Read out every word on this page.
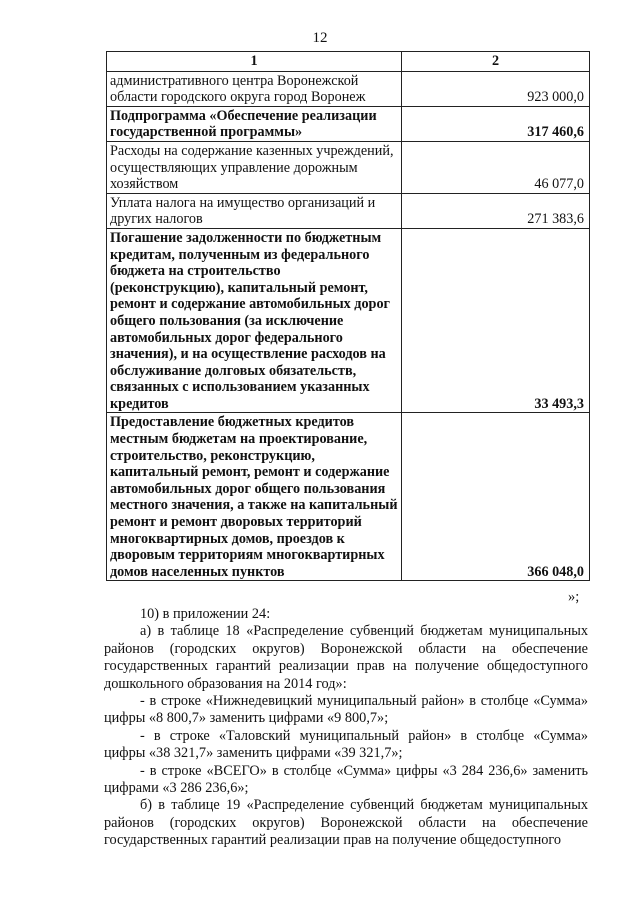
12
1	2
административного центра Воронежской области городского округа город Воронеж	923 000,0
Подпрограмма «Обеспечение реализации государственной программы»	317 460,6
Расходы на содержание казенных учреждений, осуществляющих управление дорожным хозяйством	46 077,0
Уплата налога на имущество организаций и других налогов	271 383,6
Погашение задолженности по бюджетным кредитам, полученным из федерального бюджета на строительство (реконструкцию), капитальный ремонт, ремонт и содержание автомобильных дорог общего пользования (за исключение автомобильных дорог федерального значения), и на осуществление расходов на обслуживание долговых обязательств, связанных с использованием указанных кредитов	33 493,3
Предоставление бюджетных кредитов местным бюджетам на проектирование, строительство, реконструкцию, капитальный ремонт, ремонт и содержание автомобильных дорог общего пользования местного значения, а также на капитальный ремонт и ремонт дворовых территорий многоквартирных домов, проездов к дворовым территориям многоквартирных домов населенных пунктов	366 048,0
»;

10) в приложении 24:

а) в таблице 18 «Распределение субвенций бюджетам муниципальных районов (городских округов) Воронежской области на обеспечение государственных гарантий реализации прав на получение общедоступного дошкольного образования на 2014 год»:

- в строке «Нижнедевицкий муниципальный район» в столбце «Сумма» цифры «8 800,7» заменить цифрами «9 800,7»;

- в строке «Таловский муниципальный район» в столбце «Сумма» цифры «38 321,7» заменить цифрами «39 321,7»;

- в строке «ВСЕГО» в столбце «Сумма» цифры «3 284 236,6» заменить цифрами «3 286 236,6»;

б) в таблице 19 «Распределение субвенций бюджетам муниципальных районов (городских округов) Воронежской области на обеспечение государственных гарантий реализации прав на получение общедоступного
